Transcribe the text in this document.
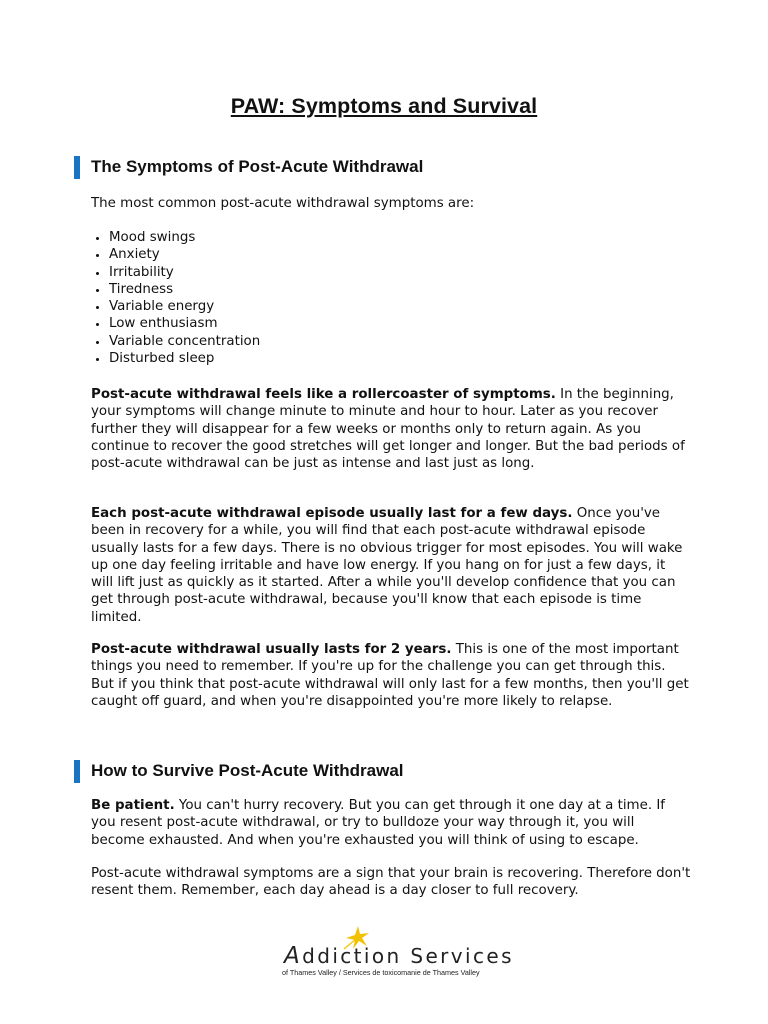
PAW: Symptoms and Survival
The Symptoms of Post-Acute Withdrawal

The most common post-acute withdrawal symptoms are:

• Mood swings
• Anxiety
• Irritability
• Tiredness
• Variable energy
• Low enthusiasm
• Variable concentration
• Disturbed sleep

Post-acute withdrawal feels like a rollercoaster of symptoms. In the beginning, your symptoms will change minute to minute and hour to hour. Later as you recover further they will disappear for a few weeks or months only to return again. As you continue to recover the good stretches will get longer and longer. But the bad periods of post-acute withdrawal can be just as intense and last just as long.

Each post-acute withdrawal episode usually last for a few days. Once you've been in recovery for a while, you will find that each post-acute withdrawal episode usually lasts for a few days. There is no obvious trigger for most episodes. You will wake up one day feeling irritable and have low energy. If you hang on for just a few days, it will lift just as quickly as it started. After a while you'll develop confidence that you can get through post-acute withdrawal, because you'll know that each episode is time limited.

Post-acute withdrawal usually lasts for 2 years. This is one of the most important things you need to remember. If you're up for the challenge you can get through this. But if you think that post-acute withdrawal will only last for a few months, then you'll get caught off guard, and when you're disappointed you're more likely to relapse.

How to Survive Post-Acute Withdrawal

Be patient. You can't hurry recovery. But you can get through it one day at a time. If you resent post-acute withdrawal, or try to bulldoze your way through it, you will become exhausted. And when you're exhausted you will think of using to escape.

Post-acute withdrawal symptoms are a sign that your brain is recovering. Therefore don't resent them. Remember, each day ahead is a day closer to full recovery.

Addiction Services
of Thames Valley / Services de toxicomanie de Thames Valley
